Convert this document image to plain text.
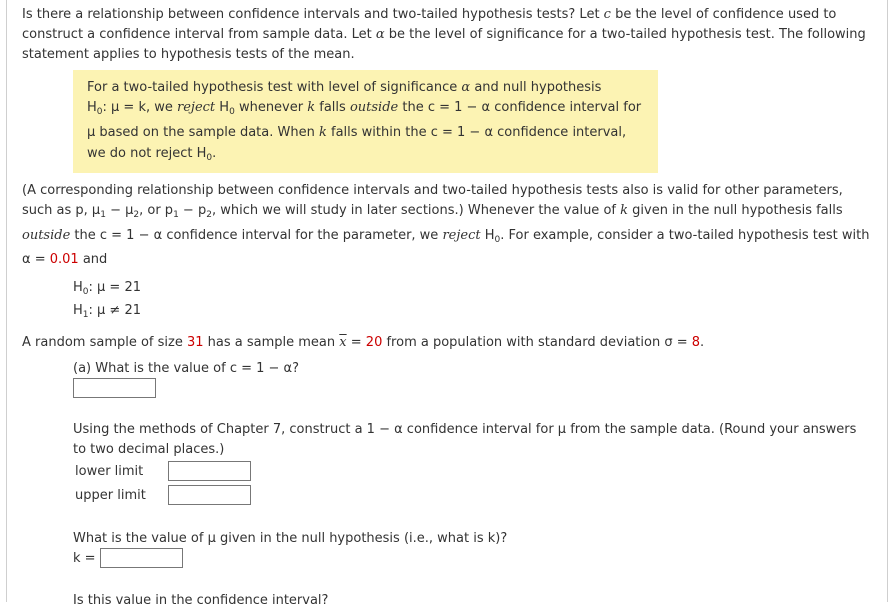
Is there a relationship between confidence intervals and two-tailed hypothesis tests? Let c be the level of confidence used to
construct a confidence interval from sample data. Let α be the level of significance for a two-tailed hypothesis test. The following
statement applies to hypothesis tests of the mean.
For a two-tailed hypothesis test with level of significance α and null hypothesis
$H_0$: μ = k, we reject $H_0$ whenever k falls outside the c = 1 − α confidence interval for
μ based on the sample data. When k falls within the c = 1 − α confidence interval,
we do not reject $H_0$.
(A corresponding relationship between confidence intervals and two-tailed hypothesis tests also is valid for other parameters,
such as p, $\mu_1 - \mu_2$, or $p_1 - p_2$, which we will study in later sections.) Whenever the value of k given in the null hypothesis falls
outside the c = 1 − α confidence interval for the parameter, we reject $H_0$. For example, consider a two-tailed hypothesis test with
α = 0.01 and
$H_0$: μ = 21
$H_1$: μ ≠ 21
A random sample of size 31 has a sample mean $\overline{x} = 20$ from a population with standard deviation σ = 8.
(a) What is the value of c = 1 − α?
Using the methods of Chapter 7, construct a 1 − α confidence interval for μ from the sample data. (Round your answers
to two decimal places.)
lower limit
upper limit
What is the value of μ given in the null hypothesis (i.e., what is k)?
k =
Is this value in the confidence interval?
